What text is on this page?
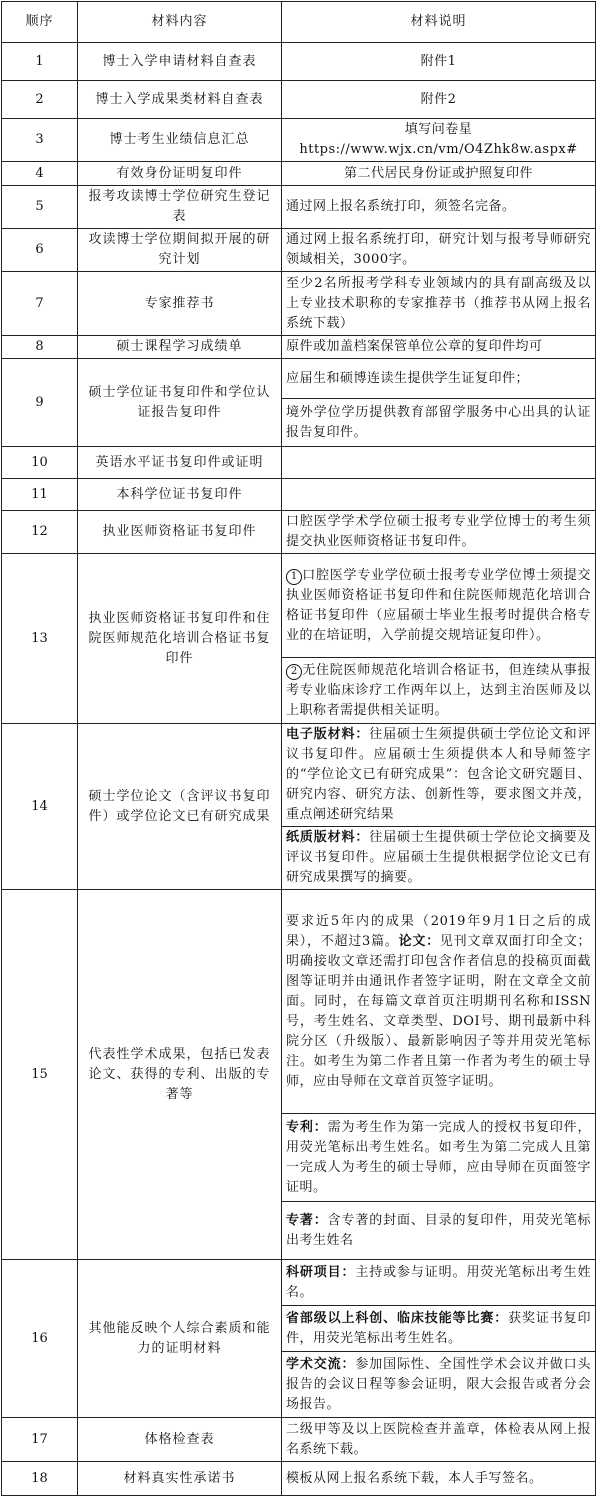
顺序	材料内容	材料说明
1	博士入学申请材料自查表	附件1
2	博士入学成果类材料自查表	附件2
3	博士考生业绩信息汇总	填写问卷星
https://www.wjx.cn/vm/O4Zhk8w.aspx#

4	有效身份证明复印件	第二代居民身份证或护照复印件
5	报考攻读博士学位研究生登记表	通过网上报名系统打印，须签名完备。
6	攻读博士学位期间拟开展的研究计划	通过网上报名系统打印，研究计划与报考导师研究领域相关，3000字。
7	专家推荐书	至少2名所报考学科专业领域内的具有副高级及以上专业技术职称的专家推荐书（推荐书从网上报名系统下载）
8	硕士课程学习成绩单	原件或加盖档案保管单位公章的复印件均可
9	硕士学位证书复印件和学位认证报告复印件	应届生和硕博连读生提供学生证复印件；
		境外学位学历提供教育部留学服务中心出具的认证报告复印件。
10	英语水平证书复印件或证明	
11	本科学位证书复印件	
12	执业医师资格证书复印件	口腔医学学术学位硕士报考专业学位博士的考生须提交执业医师资格证书复印件。
13	执业医师资格证书复印件和住院医师规范化培训合格证书复印件	1 口腔医学专业学位硕士报考专业学位博士须提交执业医师资格证书复印件和住院医师规范化培训合格证书复印件（应届硕士毕业生报考时提供合格专业的在培证明，入学前提交规培证复印件）。
		2 无住院医师规范化培训合格证书，但连续从事报考专业临床诊疗工作两年以上，达到主治医师及以上职称者需提供相关证明。
14	硕士学位论文（含评议书复印件）或学位论文已有研究成果	电子版材料：往届硕士生须提供硕士学位论文和评议书复印件。应届硕士生须提供本人和导师签字的“学位论文已有研究成果”：包含论文研究题目、研究内容、研究方法、创新性等，要求图文并茂，重点阐述研究结果
		纸质版材料：往届硕士生提供硕士学位论文摘要及评议书复印件。应届硕士生提供根据学位论文已有研究成果撰写的摘要。
15	代表性学术成果，包括已发表论文、获得的专利、出版的专著等	要求近5年内的成果（2019年9月1日之后的成果），不超过3篇。论文：见刊文章双面打印全文；明确接收文章还需打印包含作者信息的投稿页面截图等证明并由通讯作者签字证明，附在文章全文前面。同时，在每篇文章首页注明期刊名称和ISSN号，考生姓名、文章类型、DOI号、期刊最新中科院分区（升级版）、最新影响因子等并用荧光笔标注。如考生为第二作者且第一作者为考生的硕士导师，应由导师在文章首页签字证明。
		专利：需为考生作为第一完成人的授权书复印件，用荧光笔标出考生姓名。如考生为第二完成人且第一完成人为考生的硕士导师，应由导师在页面签字证明。
		专著：含专著的封面、目录的复印件，用荧光笔标出考生姓名
16	其他能反映个人综合素质和能力的证明材料	科研项目：主持或参与证明。用荧光笔标出考生姓名。
		省部级以上科创、临床技能等比赛：获奖证书复印件，用荧光笔标出考生姓名。
		学术交流：参加国际性、全国性学术会议并做口头报告的会议日程等参会证明，限大会报告或者分会场报告。
17	体格检查表	二级甲等及以上医院检查并盖章，体检表从网上报名系统下载。
18	材料真实性承诺书	模板从网上报名系统下载，本人手写签名。
